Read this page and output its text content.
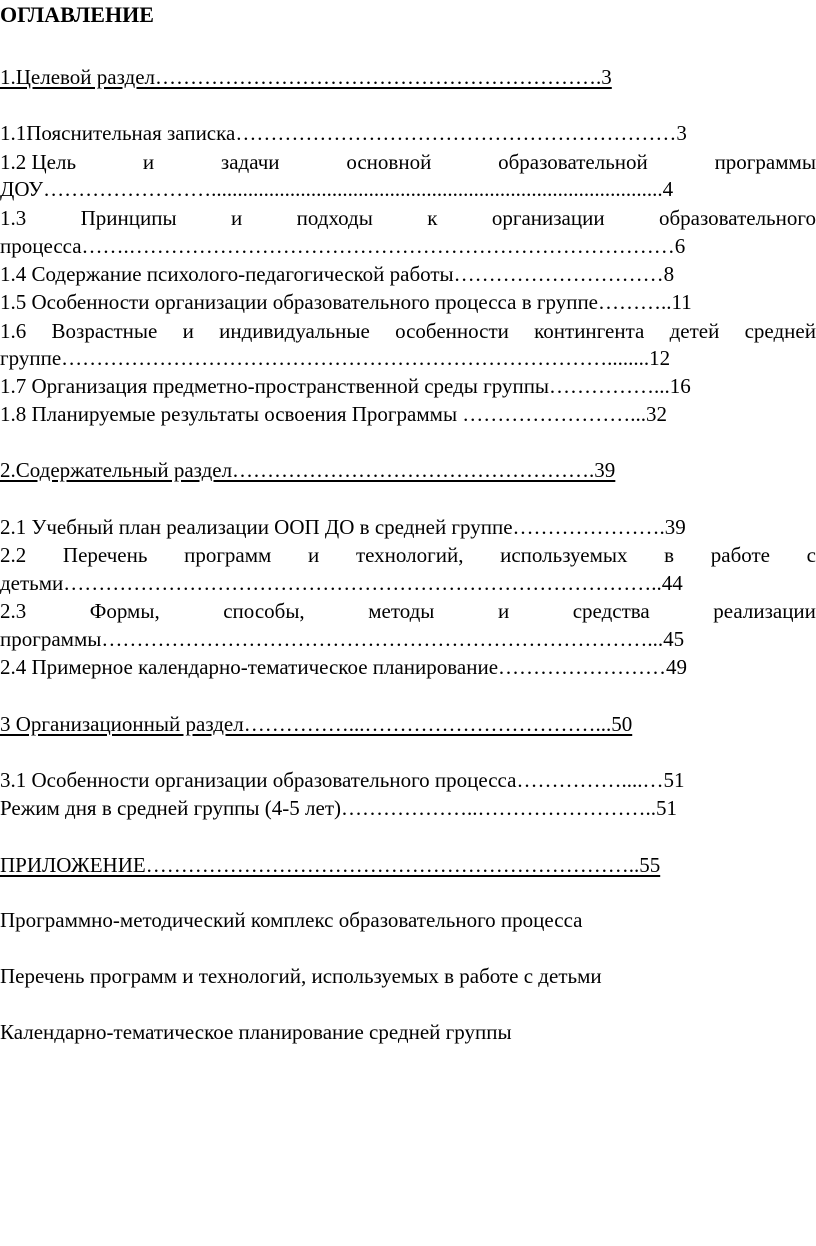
ОГЛАВЛЕНИЕ
1.Целевой раздел……………………………………………………….3
1.1Пояснительная записка………………………………………………………3
1.2 Цель	и	задачи	основной	образовательной	программы
ДОУ……………………......................................................................................4
1.3	Принципы	и	подходы	к	организации	образовательного
процесса…….……………………………………………………………………6
1.4 Содержание психолого-педагогической работы…………………………8
1.5 Особенности организации образовательного процесса в группе………..11
1.6 Возрастные и индивидуальные особенности контингента детей средней
группе……………………………………………………………………........12
1.7 Организация предметно-пространственной среды группы……………...16
1.8 Планируемые результаты освоения Программы ……………………...32
2.Содержательный раздел…………………………………………….39
2.1 Учебный план реализации ООП ДО в средней группе………………….39
2.2 Перечень программ и технологий, используемых в работе с
детьми…………………………………………………………………………..44
2.3	Формы,	способы,	методы	и	средства	реализации
программы……………………………………………………………………...45
2.4 Примерное календарно-тематическое планирование……………………49
3 Организационный раздел……………...……………………………...50
3.1 Особенности организации образовательного процесса……………....…51
Режим дня в средней группы (4-5 лет)………………..……………………..51
ПРИЛОЖЕНИЕ……………………………………………………………..55
Программно-методический комплекс образовательного процесса
Перечень программ и технологий, используемых в работе с детьми
Календарно-тематическое планирование средней группы
